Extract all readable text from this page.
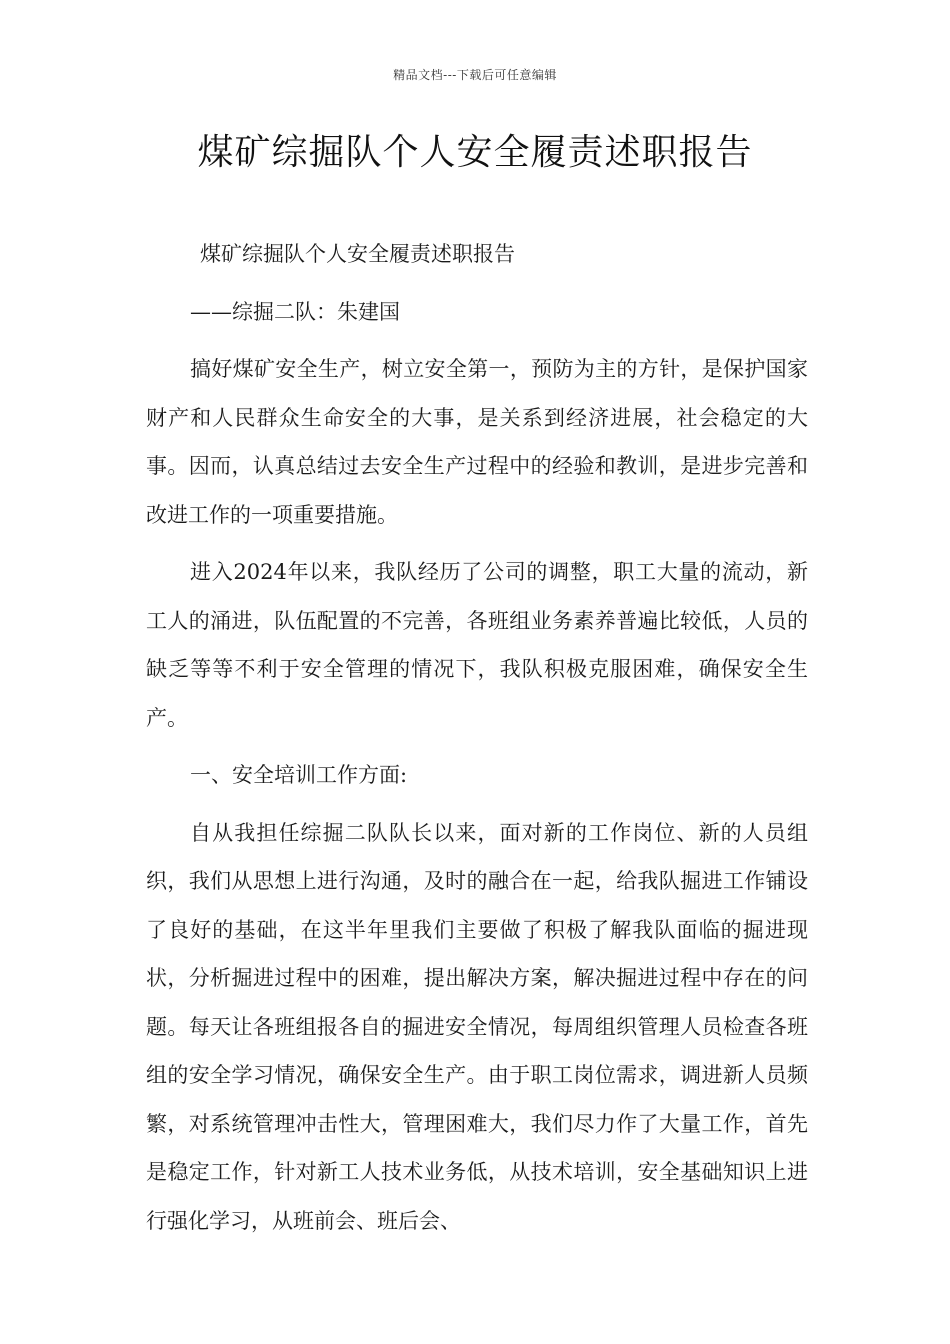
精品文档---下载后可任意编辑
煤矿综掘队个人安全履责述职报告

煤矿综掘队个人安全履责述职报告

——综掘二队：朱建国

搞好煤矿安全生产，树立安全第一，预防为主的方针，是保护国家财产和人民群众生命安全的大事，是关系到经济进展，社会稳定的大事。因而，认真总结过去安全生产过程中的经验和教训，是进步完善和改进工作的一项重要措施。

进入2024年以来，我队经历了公司的调整，职工大量的流动，新工人的涌进，队伍配置的不完善，各班组业务素养普遍比较低，人员的缺乏等等不利于安全管理的情况下，我队积极克服困难，确保安全生产。

一、安全培训工作方面:

自从我担任综掘二队队长以来，面对新的工作岗位、新的人员组织，我们从思想上进行沟通，及时的融合在一起，给我队掘进工作铺设了良好的基础，在这半年里我们主要做了积极了解我队面临的掘进现状，分析掘进过程中的困难，提出解决方案，解决掘进过程中存在的问题。每天让各班组报各自的掘进安全情况，每周组织管理人员检查各班组的安全学习情况，确保安全生产。由于职工岗位需求，调进新人员频繁，对系统管理冲击性大，管理困难大，我们尽力作了大量工作，首先是稳定工作，针对新工人技术业务低，从技术培训，安全基础知识上进行强化学习，从班前会、班后会、
